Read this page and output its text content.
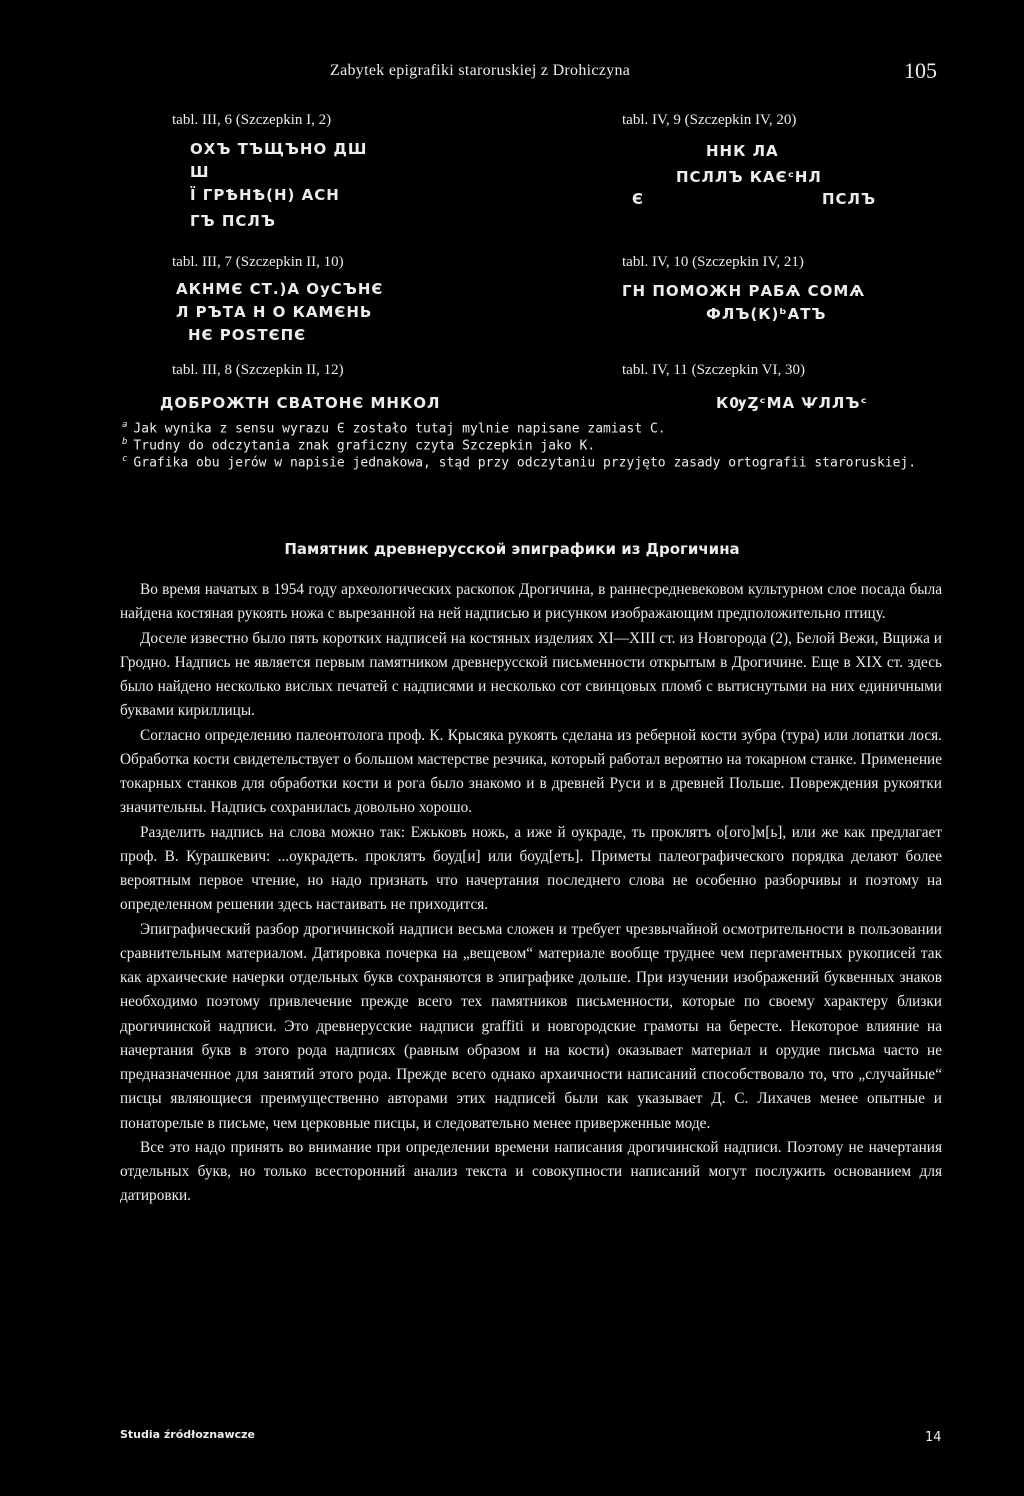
Zabytek epigrafiki staroruskiej z Drohiczyna	105
tabl. III, 6 (Szczepkin I, 2)
ОХЪ ТЪЩЪНО ДШ
Ш
Ï ГРѢНѢ(Н) АСН
ГЪ ПСЛЪ
tabl. III, 7 (Szczepkin II, 10)
АКНМЄ СТ.)А ОуСЪНЄ
Л РЪТА Н О КАМЄНЬ
НЄ РОЅТЄПЄ
tabl. III, 8 (Szczepkin II, 12)
ДОБРОЖТН СВАТОНЄ МНКОЛ
tabl. IV, 9 (Szczepkin IV, 20)
ННК ЛА
ПСЛЛЪ КАЄᶜНЛ
Є	ПСЛЪ
tabl. IV, 10 (Szczepkin IV, 21)
ГН ПОМОЖН РАБѦ СОМѦ
ФЛЪ(К)ᵇАТЪ
tabl. IV, 11 (Szczepkin VI, 30)
КѸȤᶜМА ѰЛЛЪᶜ
$^a$ Jak wynika z sensu wyrazu Є zostało tutaj mylnie napisane zamiast С.
$^b$ Trudny do odczytania znak graficzny czyta Szczepkin jako К.
$^c$ Grafika obu jerów w napisie jednakowa, stąd przy odczytaniu przyjęto zasady ortografii staroruskiej.
Памятник древнерусской эпиграфики из Дрогичина

Во время начатых в 1954 году археологических раскопок Дрогичина, в раннесредневековом культурном слое посада была найдена костяная рукоять ножа с вырезанной на ней надписью и рисунком изображающим предположительно птицу.

Доселе известно было пять коротких надписей на костяных изделиях XI—XIII ст. из Новгорода (2), Белой Вежи, Вщижа и Гродно. Надпись не является первым памятником древнерусской письменности открытым в Дрогичине. Еще в XIX ст. здесь было найдено несколько вислых печатей с надписями и несколько сот свинцовых пломб с вытиснутыми на них единичными буквами кириллицы.

Согласно определению палеонтолога проф. К. Крысяка рукоять сделана из реберной кости зубра (тура) или лопатки лося. Обработка кости свидетельствует о большом мастерстве резчика, который работал вероятно на токарном станке. Применение токарных станков для обработки кости и рога было знакомо и в древней Руси и в древней Польше. Повреждения рукоятки значительны. Надпись сохранилась довольно хорошо.

Разделить надпись на слова можно так: Ежьковъ ножь, а иже й оукраде, ть проклятъ о[ого]м[ь], или же как предлагает проф. В. Курашкевич: ...оукрадеть. проклятъ боуд[и] или боуд[еть]. Приметы палеографического порядка делают более вероятным первое чтение, но надо признать что начертания последнего слова не особенно разборчивы и поэтому на определенном решении здесь настаивать не приходится.

Эпиграфический разбор дрогичинской надписи весьма сложен и требует чрезвычайной осмотрительности в пользовании сравнительным материалом. Датировка почерка на „вещевом“ материале вообще труднее чем пергаментных рукописей так как архаические начерки отдельных букв сохраняются в эпиграфике дольше. При изучении изображений буквенных знаков необходимо поэтому привлечение прежде всего тех памятников письменности, которые по своему характеру близки дрогичинской надписи. Это древнерусские надписи graffiti и новгородские грамоты на бересте. Некоторое влияние на начертания букв в этого рода надписях (равным образом и на кости) оказывает материал и орудие письма часто не предназначенное для занятий этого рода. Прежде всего однако архаичности написаний способствовало то, что „случайные“ писцы являющиеся преимущественно авторами этих надписей были как указывает Д. С. Лихачев менее опытные и понаторелые в письме, чем церковные писцы, и следовательно менее приверженные моде.

Все это надо принять во внимание при определении времени написания дрогичинской надписи. Поэтому не начертания отдельных букв, но только всесторонний анализ текста и совокупности написаний могут послужить основанием для датировки.

Studia źródłoznawcze	14
